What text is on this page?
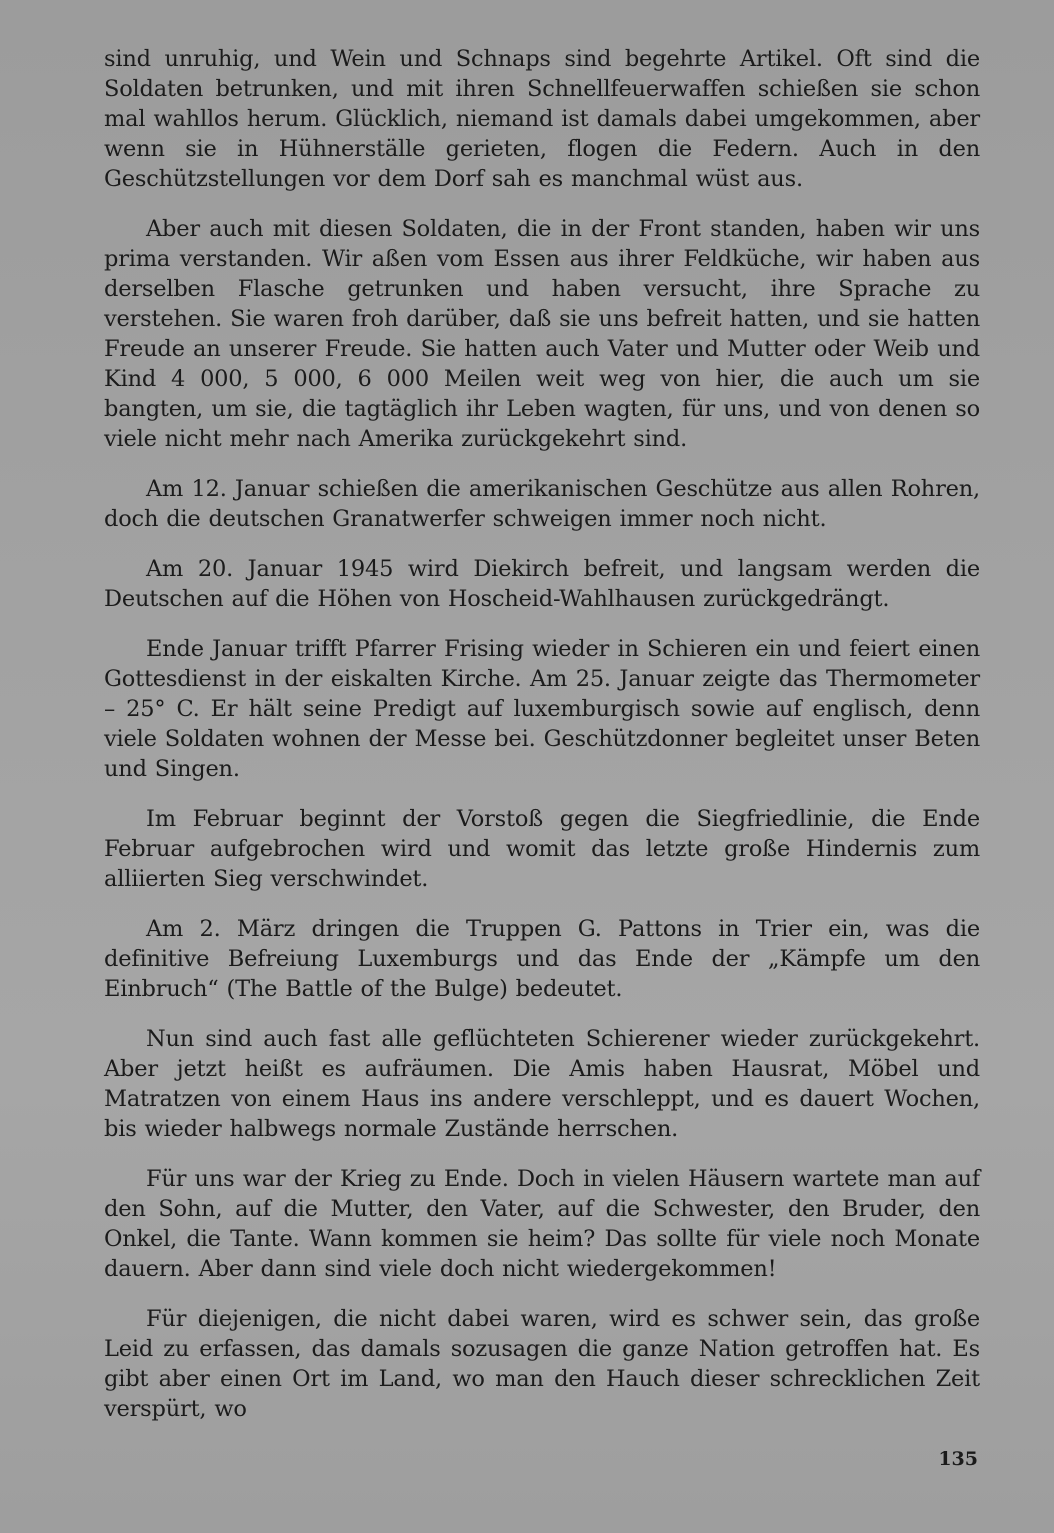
sind unruhig, und Wein und Schnaps sind begehrte Artikel. Oft sind die Soldaten betrunken, und mit ihren Schnellfeuerwaffen schießen sie schon mal wahllos herum. Glücklich, niemand ist damals dabei umgekommen, aber wenn sie in Hühnerställe gerieten, flogen die Federn. Auch in den Geschützstellungen vor dem Dorf sah es manchmal wüst aus.

Aber auch mit diesen Soldaten, die in der Front standen, haben wir uns prima verstanden. Wir aßen vom Essen aus ihrer Feldküche, wir haben aus derselben Flasche getrunken und haben versucht, ihre Sprache zu verstehen. Sie waren froh darüber, daß sie uns befreit hatten, und sie hatten Freude an unserer Freude. Sie hatten auch Vater und Mutter oder Weib und Kind 4 000, 5 000, 6 000 Meilen weit weg von hier, die auch um sie bangten, um sie, die tagtäglich ihr Leben wagten, für uns, und von denen so viele nicht mehr nach Amerika zurückgekehrt sind.

Am 12. Januar schießen die amerikanischen Geschütze aus allen Rohren, doch die deutschen Granatwerfer schweigen immer noch nicht.

Am 20. Januar 1945 wird Diekirch befreit, und langsam werden die Deutschen auf die Höhen von Hoscheid-Wahlhausen zurückgedrängt.

Ende Januar trifft Pfarrer Frising wieder in Schieren ein und feiert einen Gottesdienst in der eiskalten Kirche. Am 25. Januar zeigte das Thermometer – 25° C. Er hält seine Predigt auf luxemburgisch sowie auf englisch, denn viele Soldaten wohnen der Messe bei. Geschützdonner begleitet unser Beten und Singen.

Im Februar beginnt der Vorstoß gegen die Siegfriedlinie, die Ende Februar aufgebrochen wird und womit das letzte große Hindernis zum alliierten Sieg verschwindet.

Am 2. März dringen die Truppen G. Pattons in Trier ein, was die definitive Befreiung Luxemburgs und das Ende der „Kämpfe um den Einbruch“ (The Battle of the Bulge) bedeutet.

Nun sind auch fast alle geflüchteten Schierener wieder zurückgekehrt. Aber jetzt heißt es aufräumen. Die Amis haben Hausrat, Möbel und Matratzen von einem Haus ins andere verschleppt, und es dauert Wochen, bis wieder halbwegs normale Zustände herrschen.

Für uns war der Krieg zu Ende. Doch in vielen Häusern wartete man auf den Sohn, auf die Mutter, den Vater, auf die Schwester, den Bruder, den Onkel, die Tante. Wann kommen sie heim? Das sollte für viele noch Monate dauern. Aber dann sind viele doch nicht wiedergekommen!

Für diejenigen, die nicht dabei waren, wird es schwer sein, das große Leid zu erfassen, das damals sozusagen die ganze Nation getroffen hat. Es gibt aber einen Ort im Land, wo man den Hauch dieser schrecklichen Zeit verspürt, wo

135
